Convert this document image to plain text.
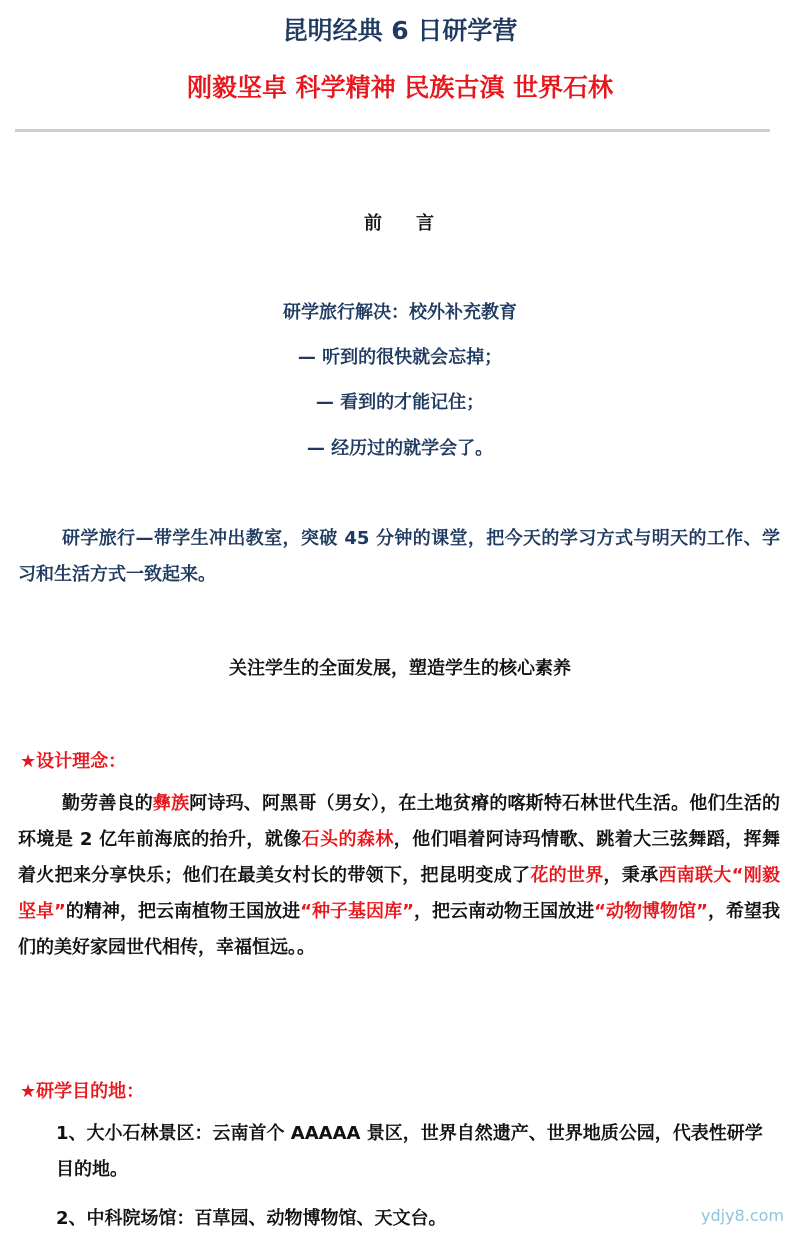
昆明经典 6 日研学营
刚毅坚卓 科学精神 民族古滇 世界石林
前 言
研学旅行解决：校外补充教育
— 听到的很快就会忘掉；
— 看到的才能记住；
— 经历过的就学会了。
研学旅行—带学生冲出教室，突破 45 分钟的课堂，把今天的学习方式与明天的工作、学习和生活方式一致起来。
关注学生的全面发展，塑造学生的核心素养
★设计理念：
勤劳善良的彝族阿诗玛、阿黑哥（男女），在土地贫瘠的喀斯特石林世代生活。他们生活的环境是 2 亿年前海底的抬升，就像石头的森林，他们唱着阿诗玛情歌、跳着大三弦舞蹈，挥舞着火把来分享快乐；他们在最美女村长的带领下，把昆明变成了花的世界，秉承西南联大“刚毅坚卓”的精神，把云南植物王国放进“种子基因库”，把云南动物王国放进“动物博物馆”，希望我们的美好家园世代相传，幸福恒远。。
★研学目的地：
1、大小石林景区：云南首个 AAAAA 景区，世界自然遗产、世界地质公园，代表性研学目的地。
2、中科院场馆：百草园、动物博物馆、天文台。	ydjy8.com
